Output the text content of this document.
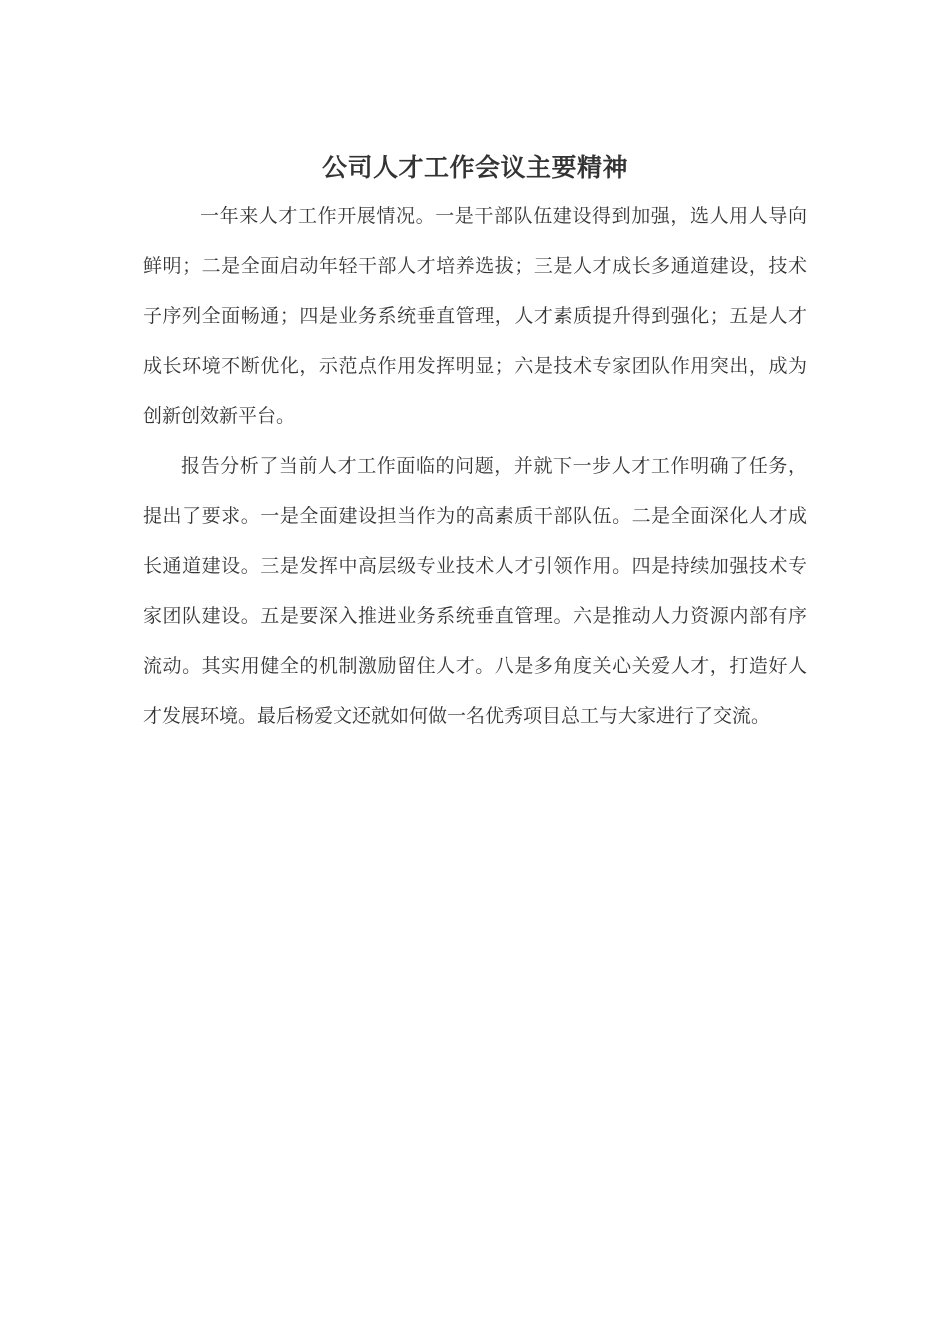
公司人才工作会议主要精神

一年来人才工作开展情况。一是干部队伍建设得到加强，选人用人导向鲜明；二是全面启动年轻干部人才培养选拔；三是人才成长多通道建设，技术子序列全面畅通；四是业务系统垂直管理，人才素质提升得到强化；五是人才成长环境不断优化，示范点作用发挥明显；六是技术专家团队作用突出，成为创新创效新平台。

报告分析了当前人才工作面临的问题，并就下一步人才工作明确了任务，提出了要求。一是全面建设担当作为的高素质干部队伍。二是全面深化人才成长通道建设。三是发挥中高层级专业技术人才引领作用。四是持续加强技术专家团队建设。五是要深入推进业务系统垂直管理。六是推动人力资源内部有序流动。其实用健全的机制激励留住人才。八是多角度关心关爱人才，打造好人才发展环境。最后杨爱文还就如何做一名优秀项目总工与大家进行了交流。
